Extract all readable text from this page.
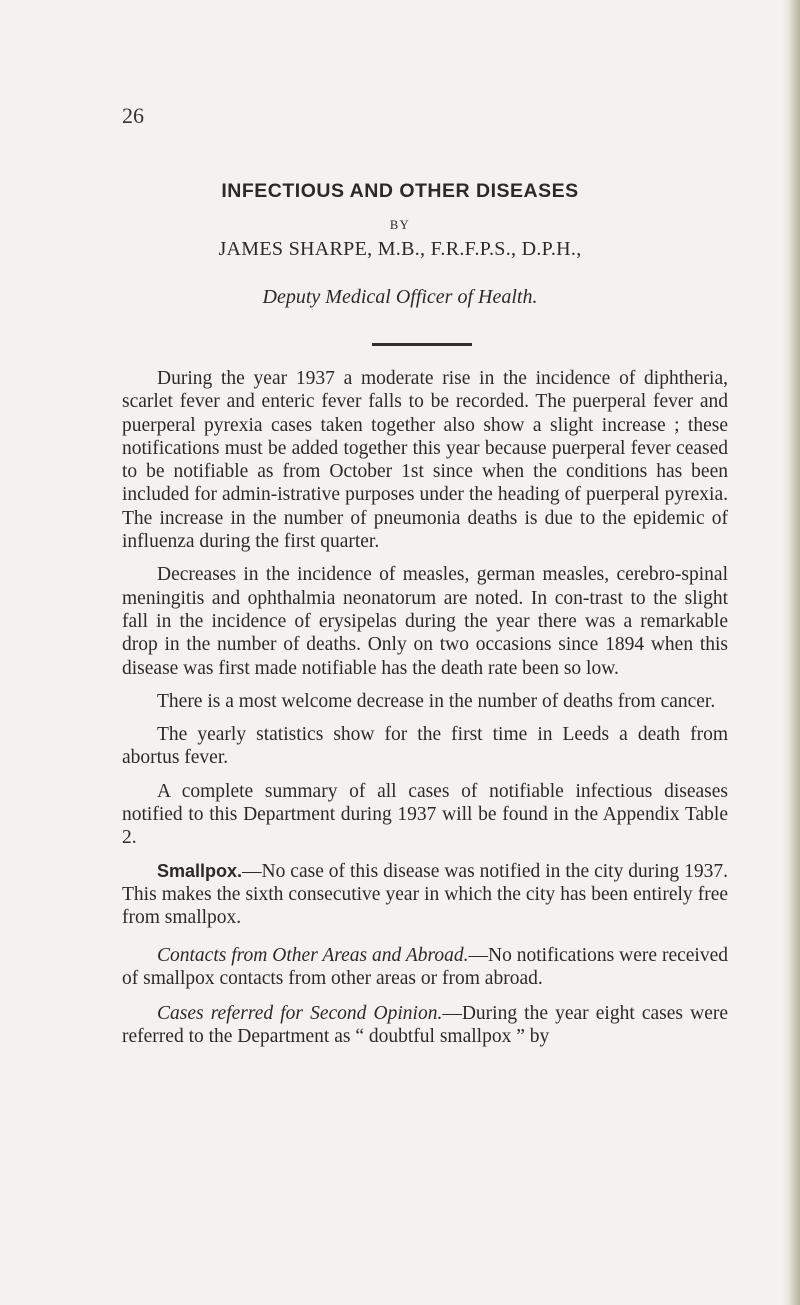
26
INFECTIOUS AND OTHER DISEASES
BY
JAMES SHARPE, M.B., F.R.F.P.S., D.P.H.,
Deputy Medical Officer of Health.

During the year 1937 a moderate rise in the incidence of diphtheria, scarlet fever and enteric fever falls to be recorded. The puerperal fever and puerperal pyrexia cases taken together also show a slight increase ; these notifications must be added together this year because puerperal fever ceased to be notifiable as from October 1st since when the conditions has been included for admin-istrative purposes under the heading of puerperal pyrexia. The increase in the number of pneumonia deaths is due to the epidemic of influenza during the first quarter.

Decreases in the incidence of measles, german measles, cerebro-spinal meningitis and ophthalmia neonatorum are noted. In con-trast to the slight fall in the incidence of erysipelas during the year there was a remarkable drop in the number of deaths. Only on two occasions since 1894 when this disease was first made notifiable has the death rate been so low.

There is a most welcome decrease in the number of deaths from cancer.

The yearly statistics show for the first time in Leeds a death from abortus fever.

A complete summary of all cases of notifiable infectious diseases notified to this Department during 1937 will be found in the Appendix Table 2.

Smallpox.—No case of this disease was notified in the city during 1937. This makes the sixth consecutive year in which the city has been entirely free from smallpox.

Contacts from Other Areas and Abroad.—No notifications were received of smallpox contacts from other areas or from abroad.

Cases referred for Second Opinion.—During the year eight cases were referred to the Department as “ doubtful smallpox ” by
